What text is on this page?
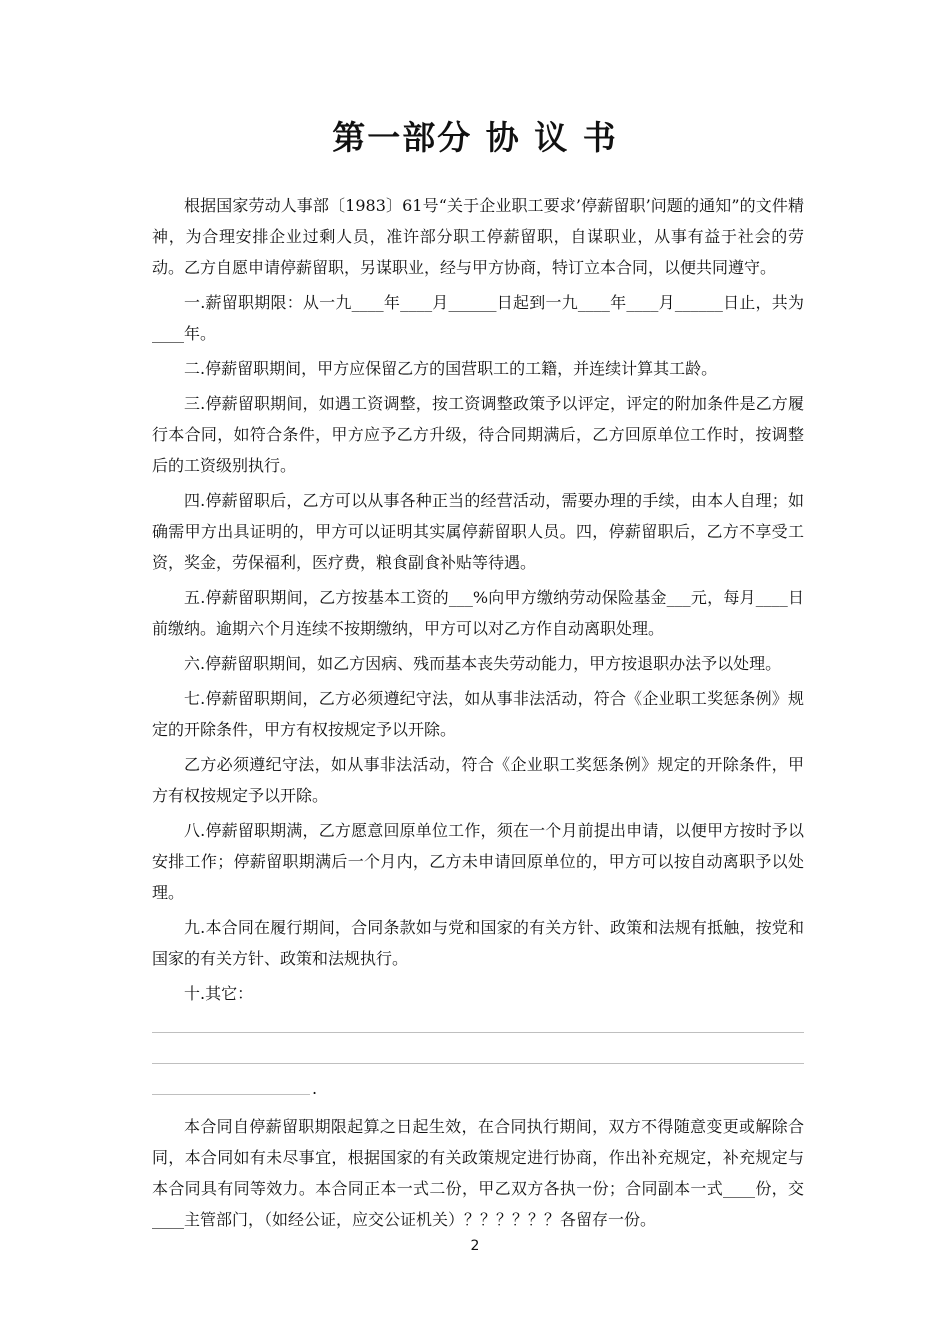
第一部分 协 议 书

根据国家劳动人事部〔1983〕61号“关于企业职工要求’停薪留职’问题的通知”的文件精神，为合理安排企业过剩人员，准许部分职工停薪留职，自谋职业，从事有益于社会的劳动。乙方自愿申请停薪留职，另谋职业，经与甲方协商，特订立本合同，以便共同遵守。

一.薪留职期限：从一九____年____月______日起到一九____年____月______日止，共为____年。

二.停薪留职期间，甲方应保留乙方的国营职工的工籍，并连续计算其工龄。

三.停薪留职期间，如遇工资调整，按工资调整政策予以评定，评定的附加条件是乙方履行本合同，如符合条件，甲方应予乙方升级，待合同期满后，乙方回原单位工作时，按调整后的工资级别执行。

四.停薪留职后，乙方可以从事各种正当的经营活动，需要办理的手续，由本人自理；如确需甲方出具证明的，甲方可以证明其实属停薪留职人员。四，停薪留职后，乙方不享受工资，奖金，劳保福利，医疗费，粮食副食补贴等待遇。

五.停薪留职期间，乙方按基本工资的___%向甲方缴纳劳动保险基金___元，每月____日前缴纳。逾期六个月连续不按期缴纳，甲方可以对乙方作自动离职处理。

六.停薪留职期间，如乙方因病、残而基本丧失劳动能力，甲方按退职办法予以处理。

七.停薪留职期间，乙方必须遵纪守法，如从事非法活动，符合《企业职工奖惩条例》规定的开除条件，甲方有权按规定予以开除。

乙方必须遵纪守法，如从事非法活动，符合《企业职工奖惩条例》规定的开除条件，甲方有权按规定予以开除。

八.停薪留职期满，乙方愿意回原单位工作，须在一个月前提出申请，以便甲方按时予以安排工作；停薪留职期满后一个月内，乙方未申请回原单位的，甲方可以按自动离职予以处理。

九.本合同在履行期间，合同条款如与党和国家的有关方针、政策和法规有抵触，按党和国家的有关方针、政策和法规执行。

十.其它：

.

本合同自停薪留职期限起算之日起生效，在合同执行期间，双方不得随意变更或解除合同，本合同如有未尽事宜，根据国家的有关政策规定进行协商，作出补充规定，补充规定与本合同具有同等效力。本合同正本一式二份，甲乙双方各执一份；合同副本一式____份，交____主管部门，（如经公证，应交公证机关）？？？？？？各留存一份。

2
